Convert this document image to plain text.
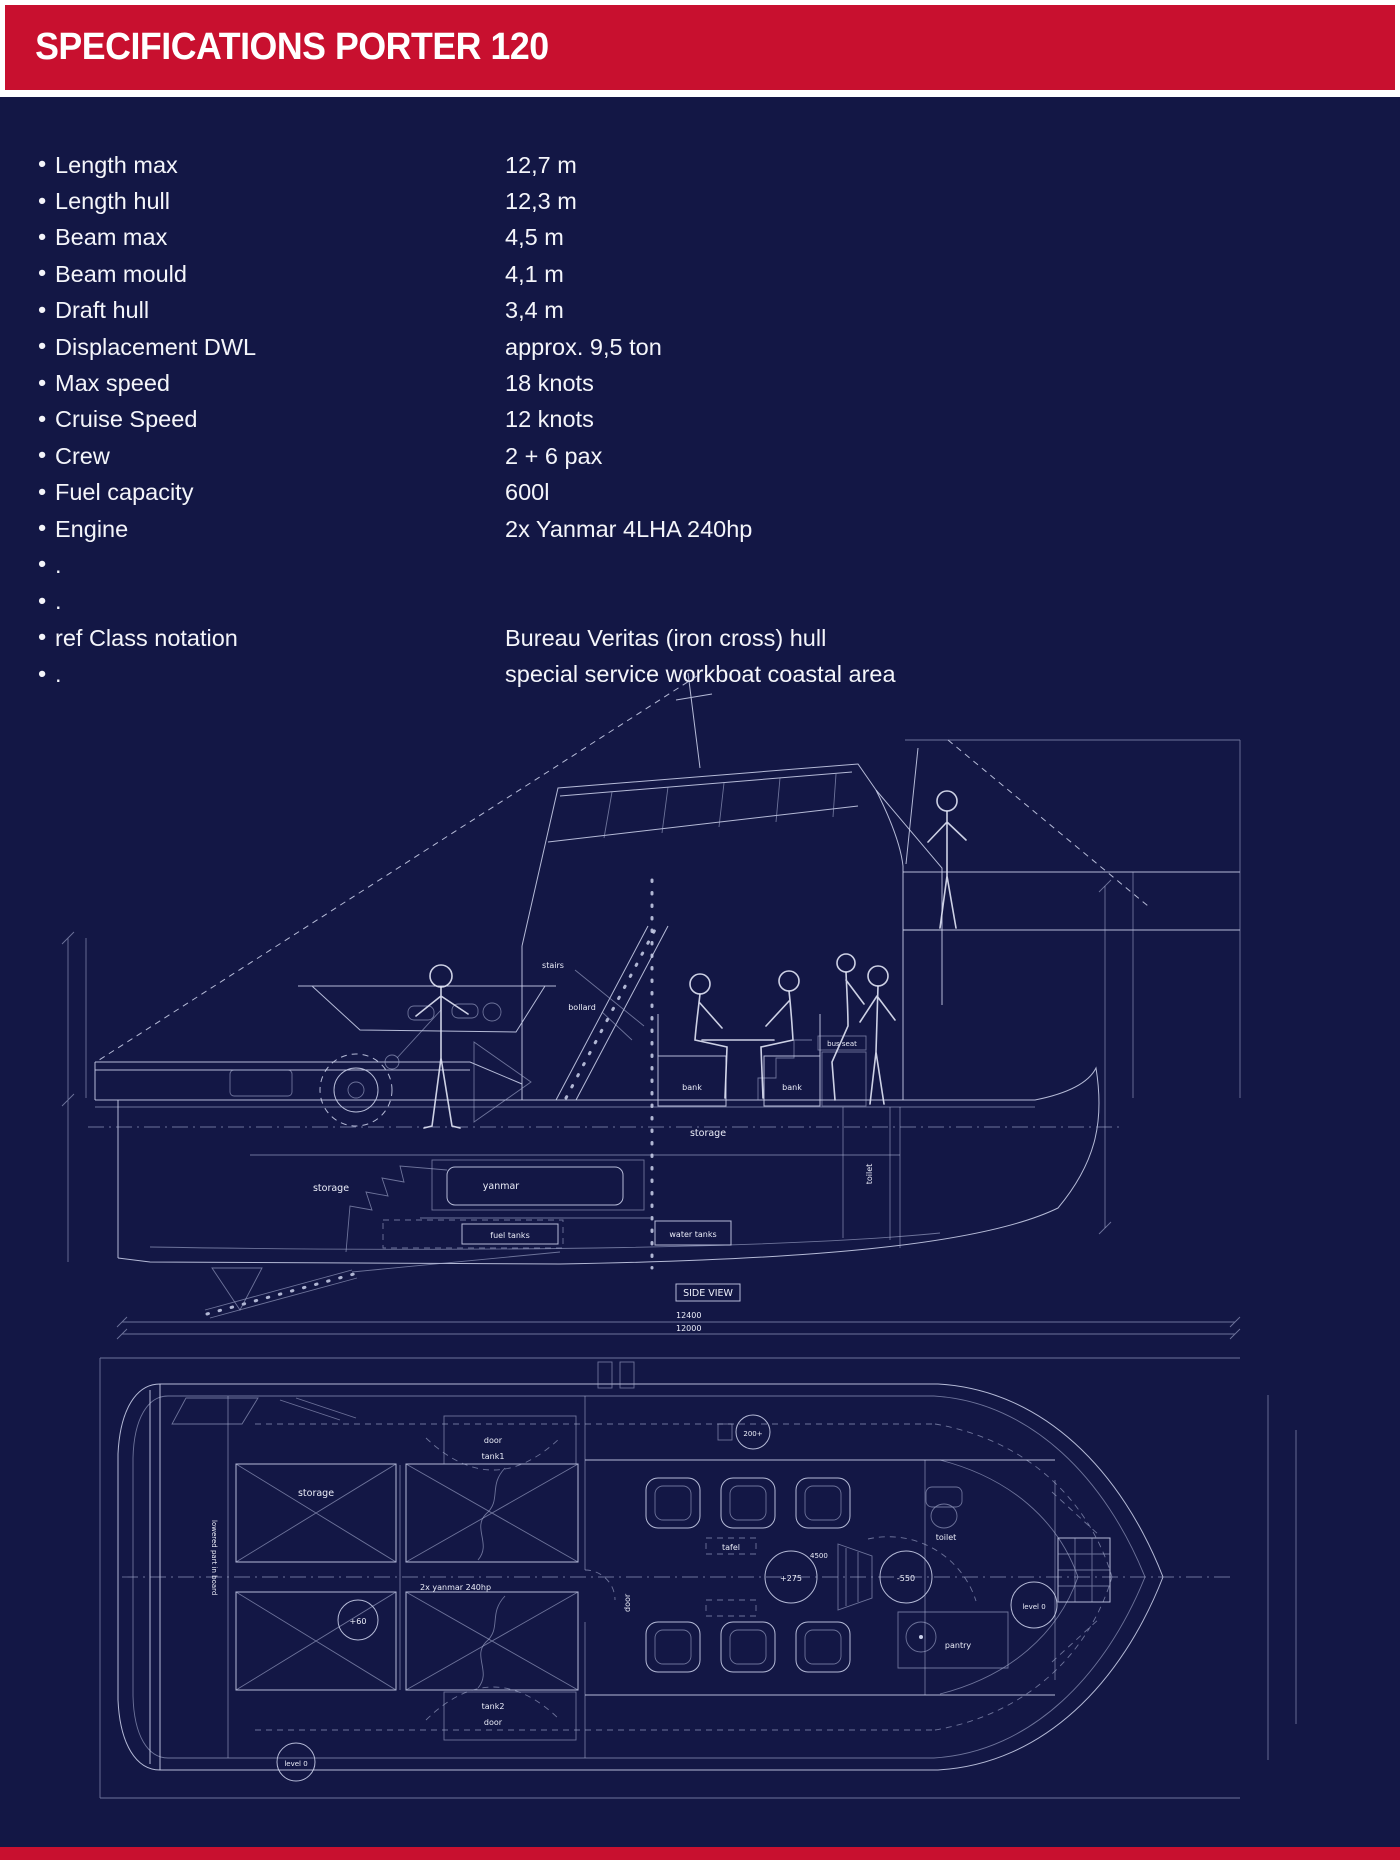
SPECIFICATIONS PORTER 120
• Length max	12,7 m
• Length hull	12,3 m
• Beam max	4,5 m
• Beam mould	4,1 m
• Draft hull	3,4 m
• Displacement DWL	approx. 9,5 ton
• Max speed	18 knots
• Cruise Speed	12 knots
• Crew	2 + 6 pax
• Fuel capacity	600l
• Engine	2x Yanmar 4LHA 240hp
• .
• .
• ref Class notation	Bureau Veritas (iron cross) hull
• .	special service workboat coastal area
stairs
bollard
bank	bank
bus seat
storage
storage	yanmar
fuel tanks	water tanks
toilet
SIDE VIEW
12400
12000
storage
door
tank1
tank2
door
2x yanmar 240hp
+60
lowered part in board	tafel
+275
4500
-550
toilet
pantry
level 0
level 0
200+
door
